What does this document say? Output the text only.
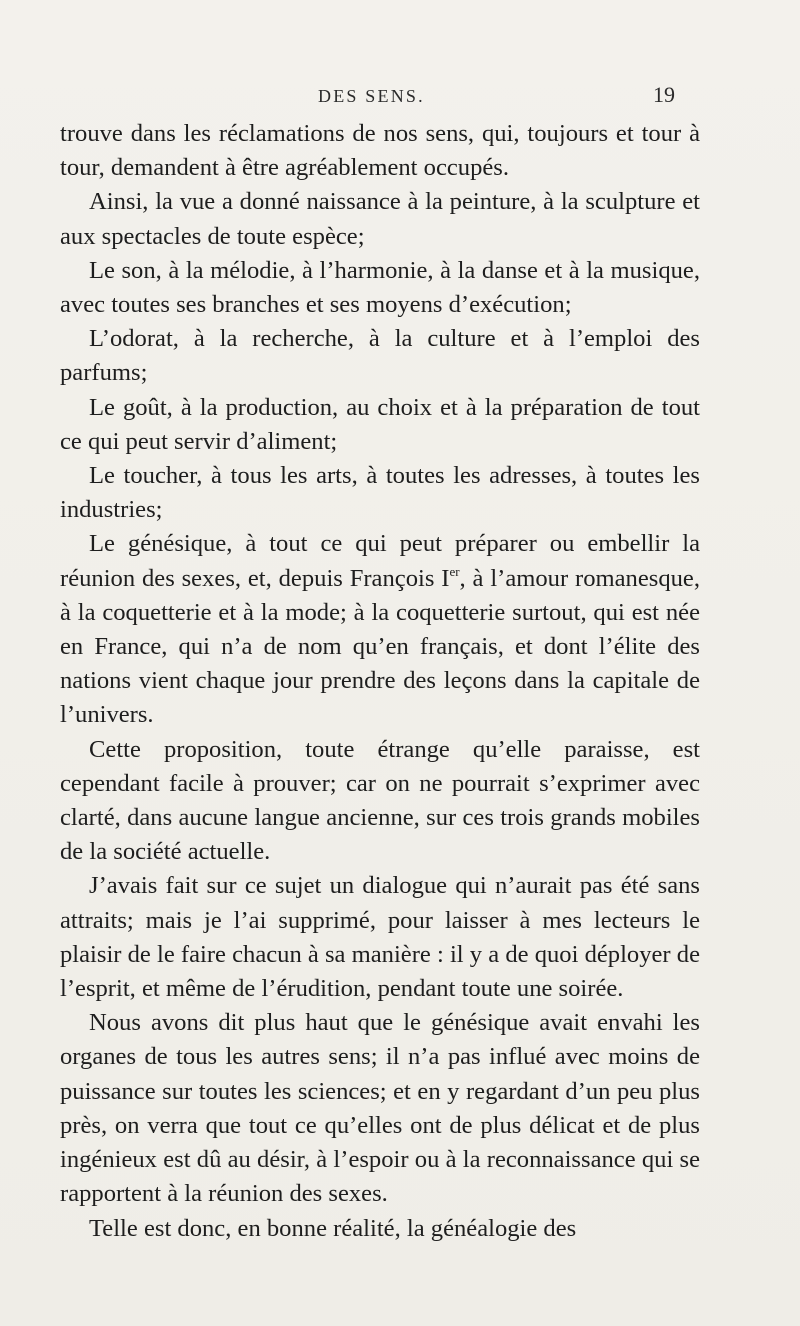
DES SENS.	19

trouve dans les réclamations de nos sens, qui, toujours et tour à tour, demandent à être agréablement occupés.

Ainsi, la vue a donné naissance à la peinture, à la sculpture et aux spectacles de toute espèce;

Le son, à la mélodie, à l’harmonie, à la danse et à la musique, avec toutes ses branches et ses moyens d’exécution;

L’odorat, à la recherche, à la culture et à l’emploi des parfums;

Le goût, à la production, au choix et à la préparation de tout ce qui peut servir d’aliment;

Le toucher, à tous les arts, à toutes les adresses, à toutes les industries;

Le génésique, à tout ce qui peut préparer ou embellir la réunion des sexes, et, depuis François Ier, à l’amour romanesque, à la coquetterie et à la mode; à la coquetterie surtout, qui est née en France, qui n’a de nom qu’en français, et dont l’élite des nations vient chaque jour prendre des leçons dans la capitale de l’univers.

Cette proposition, toute étrange qu’elle paraisse, est cependant facile à prouver; car on ne pourrait s’exprimer avec clarté, dans aucune langue ancienne, sur ces trois grands mobiles de la société actuelle.

J’avais fait sur ce sujet un dialogue qui n’aurait pas été sans attraits; mais je l’ai supprimé, pour laisser à mes lecteurs le plaisir de le faire chacun à sa manière : il y a de quoi déployer de l’esprit, et même de l’érudition, pendant toute une soirée.

Nous avons dit plus haut que le génésique avait envahi les organes de tous les autres sens; il n’a pas influé avec moins de puissance sur toutes les sciences; et en y regardant d’un peu plus près, on verra que tout ce qu’elles ont de plus délicat et de plus ingénieux est dû au désir, à l’espoir ou à la reconnaissance qui se rapportent à la réunion des sexes.

Telle est donc, en bonne réalité, la généalogie des
